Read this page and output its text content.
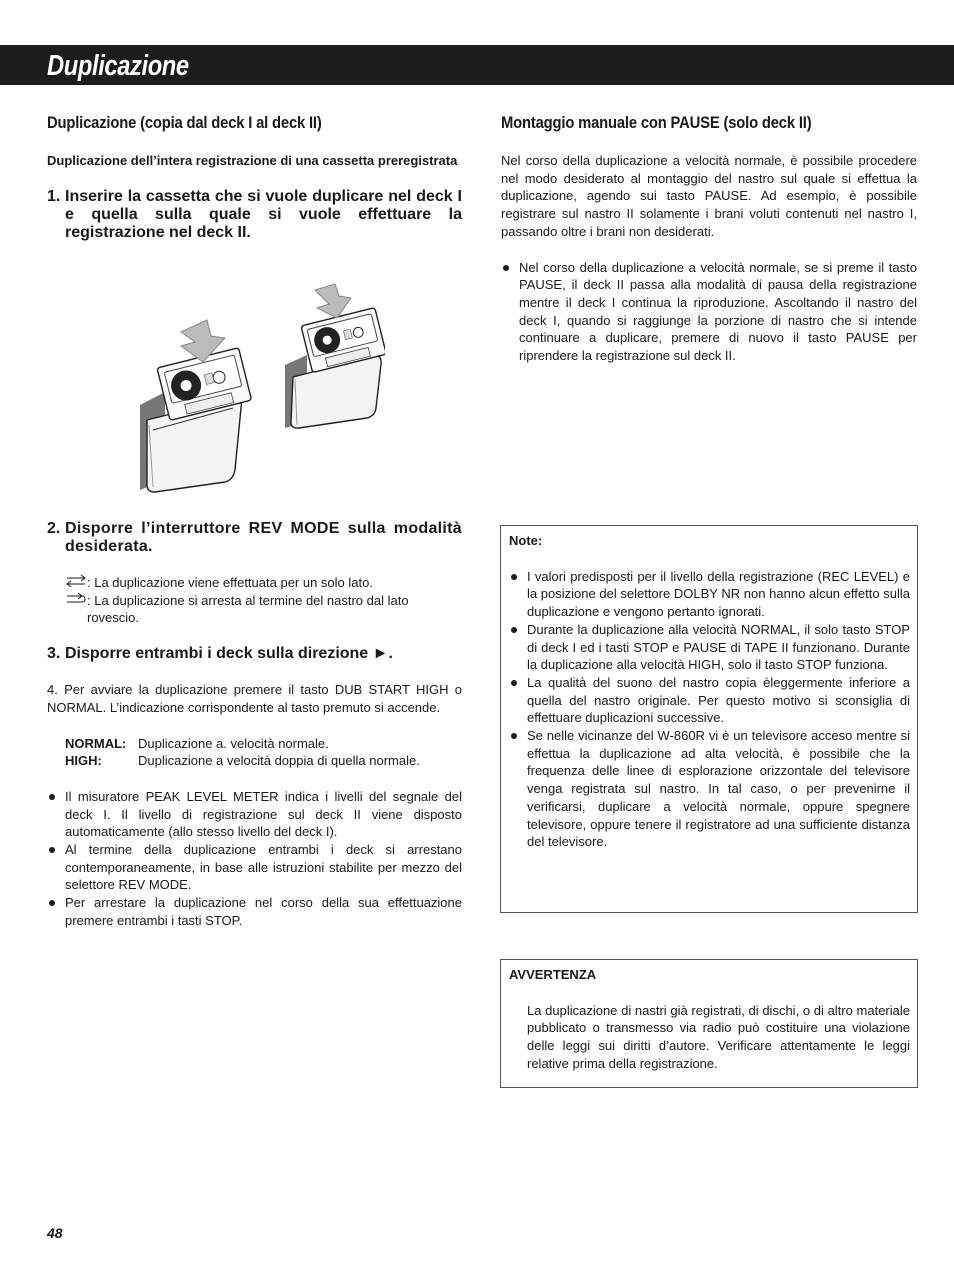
Duplicazione
Duplicazione (copia dal deck I al deck II)

Duplicazione dell’intera registrazione di una cassetta preregistrata

1. Inserire la cassetta che si vuole duplicare nel deck I e quella sulla quale si vuole effettuare la registrazione nel deck II.
2. Disporre l’interruttore REV MODE sulla modalità desiderata.
: La duplicazione viene effettuata per un solo lato.
: La duplicazione si arresta al termine del nastro dal lato rovescio.
3. Disporre entrambi i deck sulla direzione ►.

4. Per avviare la duplicazione premere il tasto DUB START HIGH o NORMAL. L’indicazione corrispondente al tasto premuto si accende.

NORMAL: Duplicazione a. velocità normale.
HIGH:	Duplicazione a velocità doppia di quella normale.
Il misuratore PEAK LEVEL METER indica i livelli del segnale del deck I. Il livello di registrazione sul deck II viene disposto automaticamente (allo stesso livello del deck I).
Al termine della duplicazione entrambi i deck si arrestano contemporaneamente, in base alle istruzioni stabilite per mezzo del selettore REV MODE.
Per arrestare la duplicazione nel corso della sua effettuazione premere entrambi i tasti STOP.
Montaggio manuale con PAUSE (solo deck II)

Nel corso della duplicazione a velocità normale, è possibile procedere nel modo desiderato al montaggio del nastro sul quale si effettua la duplicazione, agendo sui tasto PAUSE. Ad esempio, è possibile registrare sul nastro II solamente i brani voluti contenuti nel nastro I, passando oltre i brani non desiderati.

Nel corso della duplicazione a velocità normale, se si preme il tasto PAUSE, il deck II passa alla modalità di pausa della registrazione mentre il deck I continua la riproduzione. Ascoltando il nastro del deck I, quando si raggiunge la porzione di nastro che si intende continuare a duplicare, premere di nuovo il tasto PAUSE per riprendere la registrazione sul deck II.
Note:
I valori predisposti per il livello della registrazione (REC LEVEL) e la posizione del selettore DOLBY NR non hanno alcun effetto sulla duplicazione e vengono pertanto ignorati.
Durante la duplicazione alla velocità NORMAL, il solo tasto STOP di deck I ed i tasti STOP e PAUSE di TAPE II funzionano. Durante la duplicazione alla velocità HIGH, solo il tasto STOP funziona.
La qualità del suono del nastro copia èleggermente inferiore a quella del nastro originale. Per questo motivo si sconsiglia di effettuare duplicazioni successive.
Se nelle vicinanze del W-860R vi è un televisore acceso mentre si effettua la duplicazione ad alta velocità, è possibile che la frequenza delle linee di esplorazione orizzontale del televisore venga registrata sul nastro. In tal caso, o per prevenirne il verificarsi, duplicare a velocità normale, oppure spegnere televisore, oppure tenere il registratore ad una sufficiente distanza del televisore.
AVVERTENZA

La duplicazione di nastri già registrati, di dischi, o di altro materiale pubblicato o transmesso via radio può costituire una violazione delle leggi sui diritti d’autore. Verificare attentamente le leggi relative prima della registrazione.

48
